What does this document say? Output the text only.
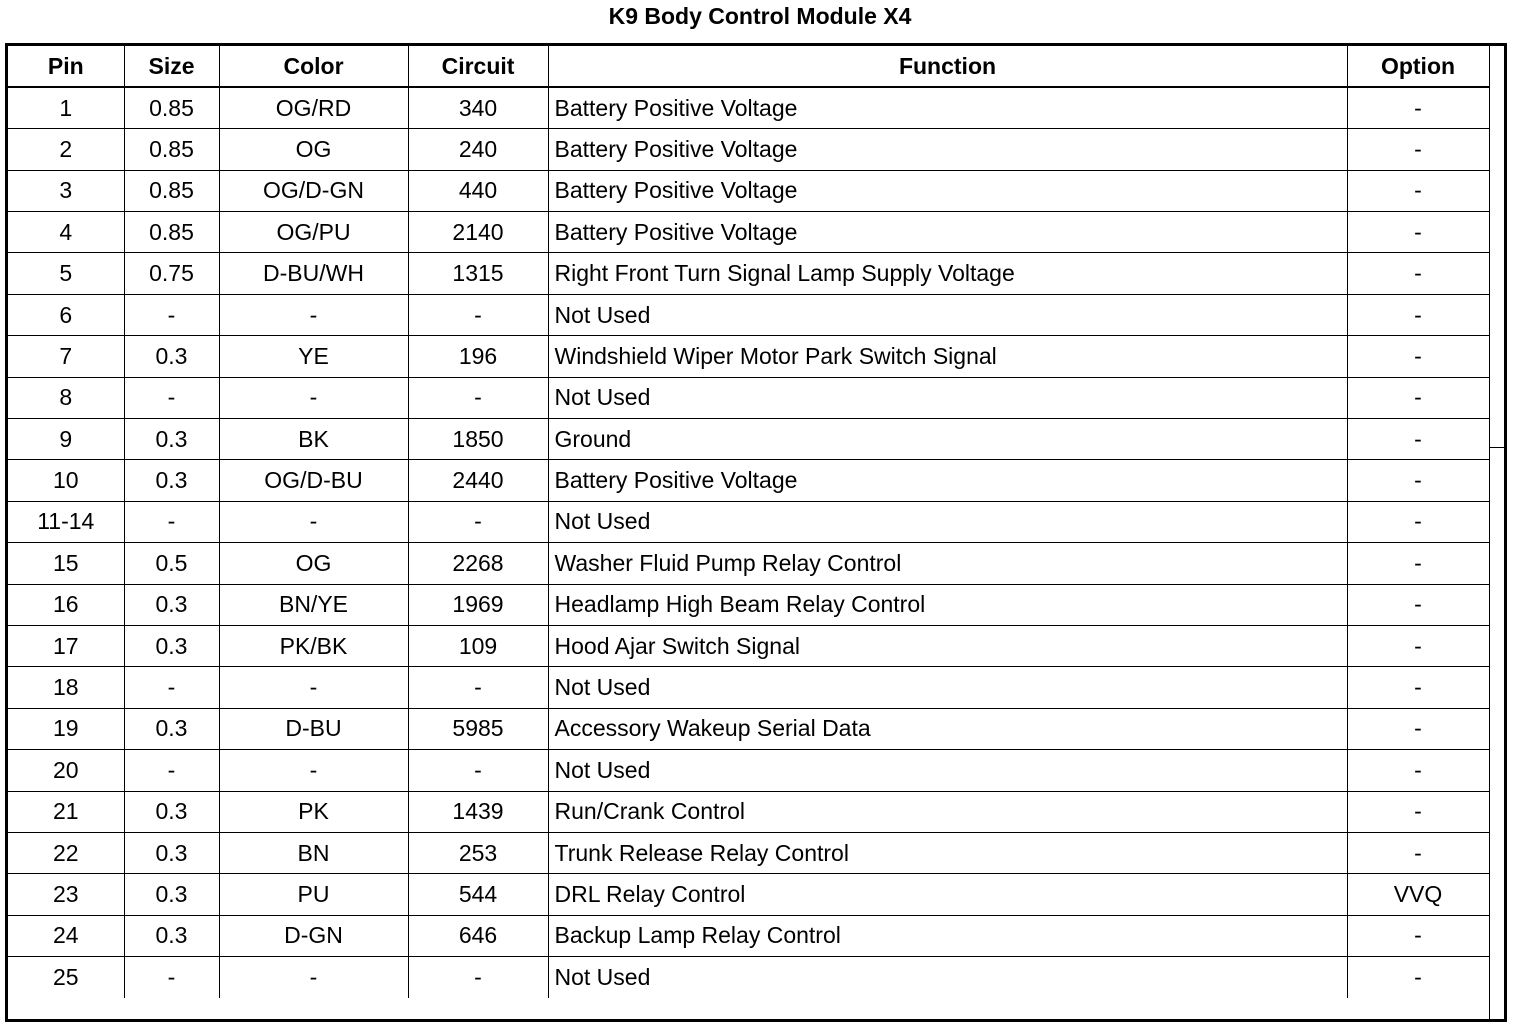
K9 Body Control Module X4
Pin	Size	Color	Circuit	Function	Option
1	0.85	OG/RD	340	Battery Positive Voltage	-
2	0.85	OG	240	Battery Positive Voltage	-
3	0.85	OG/D-GN	440	Battery Positive Voltage	-
4	0.85	OG/PU	2140	Battery Positive Voltage	-
5	0.75	D-BU/WH	1315	Right Front Turn Signal Lamp Supply Voltage	-
6	-	-	-	Not Used	-
7	0.3	YE	196	Windshield Wiper Motor Park Switch Signal	-
8	-	-	-	Not Used	-
9	0.3	BK	1850	Ground	-
10	0.3	OG/D-BU	2440	Battery Positive Voltage	-
11-14	-	-	-	Not Used	-
15	0.5	OG	2268	Washer Fluid Pump Relay Control	-
16	0.3	BN/YE	1969	Headlamp High Beam Relay Control	-
17	0.3	PK/BK	109	Hood Ajar Switch Signal	-
18	-	-	-	Not Used	-
19	0.3	D-BU	5985	Accessory Wakeup Serial Data	-
20	-	-	-	Not Used	-
21	0.3	PK	1439	Run/Crank Control	-
22	0.3	BN	253	Trunk Release Relay Control	-
23	0.3	PU	544	DRL Relay Control	VVQ
24	0.3	D-GN	646	Backup Lamp Relay Control	-
25	-	-	-	Not Used	-
